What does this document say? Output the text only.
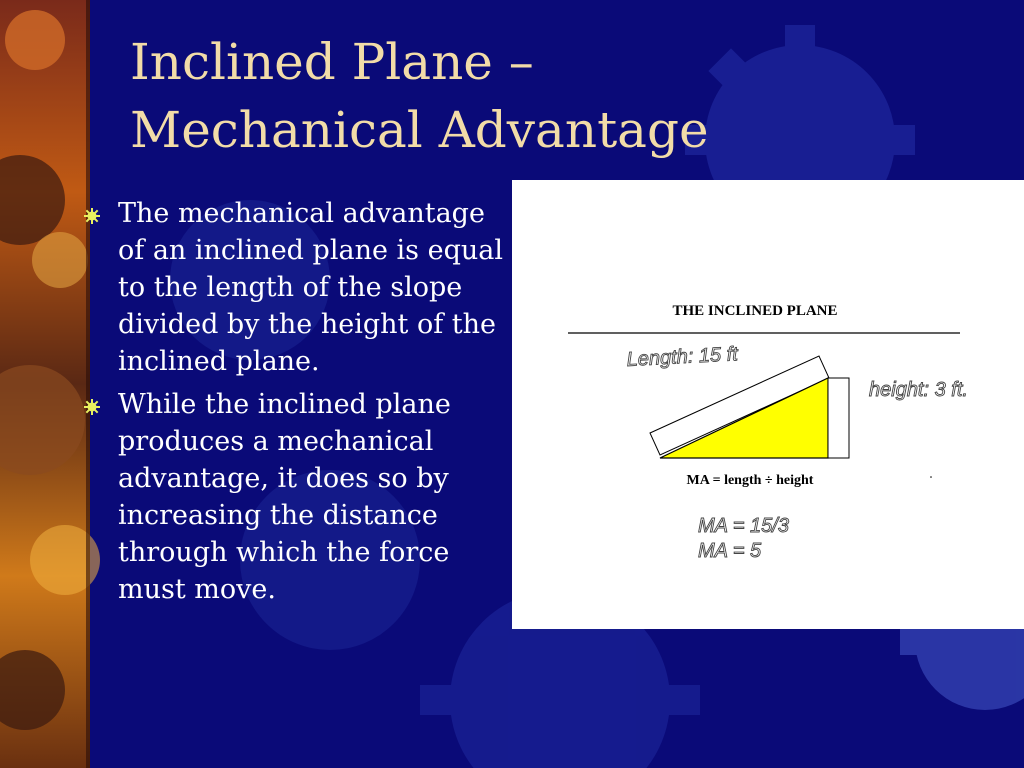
Inclined Plane –
Mechanical Advantage
The mechanical advantage of an inclined plane is equal to the length of the slope divided by the height of the inclined plane.
While the inclined plane produces a mechanical advantage, it does so by increasing the distance through which the force must move.
THE INCLINED PLANE
Length: 15 ft
height: 3 ft.
MA = length ÷ height
MA = 15/3
MA = 5
